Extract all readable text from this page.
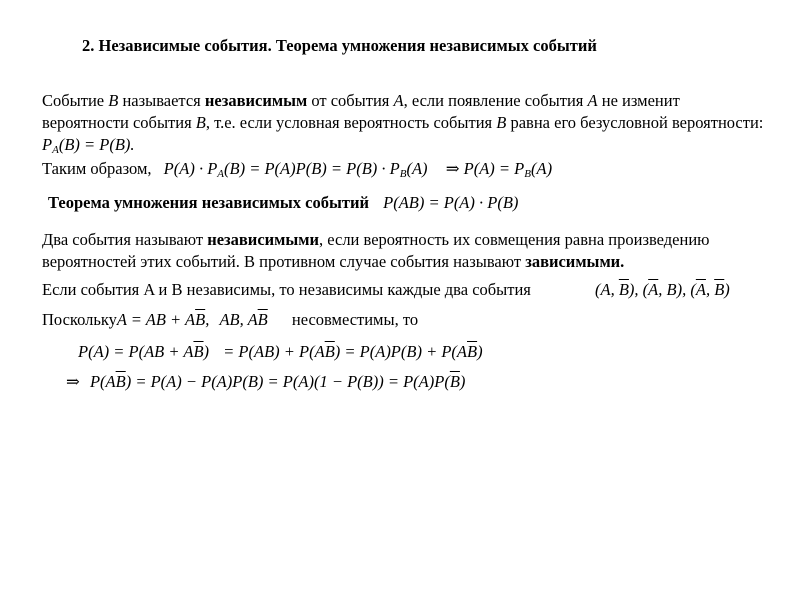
2. Независимые события. Теорема умножения независимых событий
Событие B называется независимым от события A, если появление события A не изменит вероятности события B, т.е. если условная вероятность события B равна его безусловной вероятности: $P_A(B) = P(B)$.
Таким образом, $P(A) \cdot P_A(B) = P(A)P(B) = P(B) \cdot P_B(A)$ ⇒ $P(A) = P_B(A)$
Теорема умножения независимых событий P(AB) = P(A) · P(B)
Два события называют независимыми, если вероятность их совмещения равна произведению вероятностей этих событий. В противном случае события называют зависимыми.
Если события A и B независимы, то независимы каждые два события	(A, $\overline{B}$), ($\overline{A}$, B), ($\overline{A}$, $\overline{B}$)
ПосколькуA = AB + $A\overline{B}$, AB, $A\overline{B}$ несовместимы, то
$P(A) = P(AB + A\overline{B}) = P(AB) + P(A\overline{B}) = P(A)P(B) + P(A\overline{B})$
⇒ $P(A\overline{B}) = P(A) - P(A)P(B) = P(A)(1 - P(B)) = P(A)P(\overline{B})$
